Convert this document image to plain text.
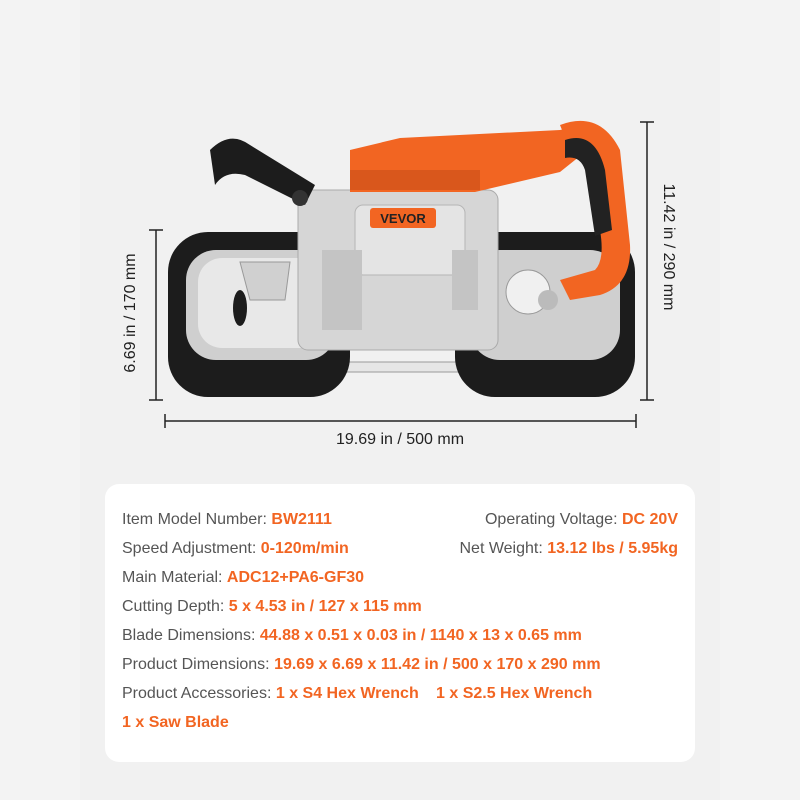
VEVOR
19.69 in / 500 mm
6.69 in / 170 mm
11.42 in / 290 mm
Item Model Number: BW2111	Operating Voltage: DC 20V
Speed Adjustment: 0-120m/min	Net Weight: 13.12 lbs / 5.95kg
Main Material: ADC12+PA6-GF30
Cutting Depth: 5 x 4.53 in / 127 x 115 mm
Blade Dimensions: 44.88 x 0.51 x 0.03 in / 1140 x 13 x 0.65 mm
Product Dimensions: 19.69 x 6.69 x 11.42 in / 500 x 170 x 290 mm
Product Accessories: 1 x S4 Hex Wrench 1 x S2.5 Hex Wrench
1 x Saw Blade
